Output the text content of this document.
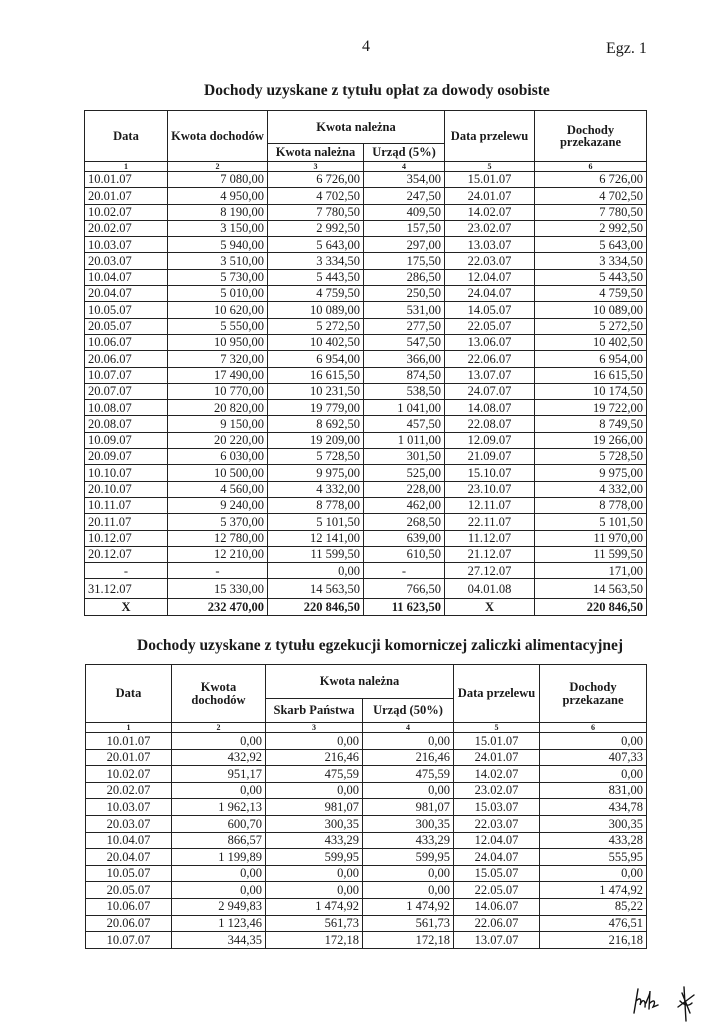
4	Egz. 1
Dochody uzyskane z tytułu opłat za dowody osobiste
Data	Kwota dochodów	Kwota należna		Data przelewu	Dochody przekazane
		Kwota należna	Urząd (5%)		
1	2	3	4	5	6
10.01.07	7 080,00	6 726,00	354,00	15.01.07	6 726,00
20.01.07	4 950,00	4 702,50	247,50	24.01.07	4 702,50
10.02.07	8 190,00	7 780,50	409,50	14.02.07	7 780,50
20.02.07	3 150,00	2 992,50	157,50	23.02.07	2 992,50
10.03.07	5 940,00	5 643,00	297,00	13.03.07	5 643,00
20.03.07	3 510,00	3 334,50	175,50	22.03.07	3 334,50
10.04.07	5 730,00	5 443,50	286,50	12.04.07	5 443,50
20.04.07	5 010,00	4 759,50	250,50	24.04.07	4 759,50
10.05.07	10 620,00	10 089,00	531,00	14.05.07	10 089,00
20.05.07	5 550,00	5 272,50	277,50	22.05.07	5 272,50
10.06.07	10 950,00	10 402,50	547,50	13.06.07	10 402,50
20.06.07	7 320,00	6 954,00	366,00	22.06.07	6 954,00
10.07.07	17 490,00	16 615,50	874,50	13.07.07	16 615,50
20.07.07	10 770,00	10 231,50	538,50	24.07.07	10 174,50
10.08.07	20 820,00	19 779,00	1 041,00	14.08.07	19 722,00
20.08.07	9 150,00	8 692,50	457,50	22.08.07	8 749,50
10.09.07	20 220,00	19 209,00	1 011,00	12.09.07	19 266,00
20.09.07	6 030,00	5 728,50	301,50	21.09.07	5 728,50
10.10.07	10 500,00	9 975,00	525,00	15.10.07	9 975,00
20.10.07	4 560,00	4 332,00	228,00	23.10.07	4 332,00
10.11.07	9 240,00	8 778,00	462,00	12.11.07	8 778,00
20.11.07	5 370,00	5 101,50	268,50	22.11.07	5 101,50
10.12.07	12 780,00	12 141,00	639,00	11.12.07	11 970,00
20.12.07	12 210,00	11 599,50	610,50	21.12.07	11 599,50
-	-	0,00	-	27.12.07	171,00
31.12.07	15 330,00	14 563,50	766,50	04.01.08	14 563,50
X	232 470,00	220 846,50	11 623,50	X	220 846,50
Dochody uzyskane z tytułu egzekucji komorniczej zaliczki alimentacyjnej
Data	Kwota dochodów	Kwota należna		Data przelewu	Dochody przekazane
		Skarb Państwa	Urząd (50%)		
1	2	3	4	5	6
10.01.07	0,00	0,00	0,00	15.01.07	0,00
20.01.07	432,92	216,46	216,46	24.01.07	407,33
10.02.07	951,17	475,59	475,59	14.02.07	0,00
20.02.07	0,00	0,00	0,00	23.02.07	831,00
10.03.07	1 962,13	981,07	981,07	15.03.07	434,78
20.03.07	600,70	300,35	300,35	22.03.07	300,35
10.04.07	866,57	433,29	433,29	12.04.07	433,28
20.04.07	1 199,89	599,95	599,95	24.04.07	555,95
10.05.07	0,00	0,00	0,00	15.05.07	0,00
20.05.07	0,00	0,00	0,00	22.05.07	1 474,92
10.06.07	2 949,83	1 474,92	1 474,92	14.06.07	85,22
20.06.07	1 123,46	561,73	561,73	22.06.07	476,51
10.07.07	344,35	172,18	172,18	13.07.07	216,18
